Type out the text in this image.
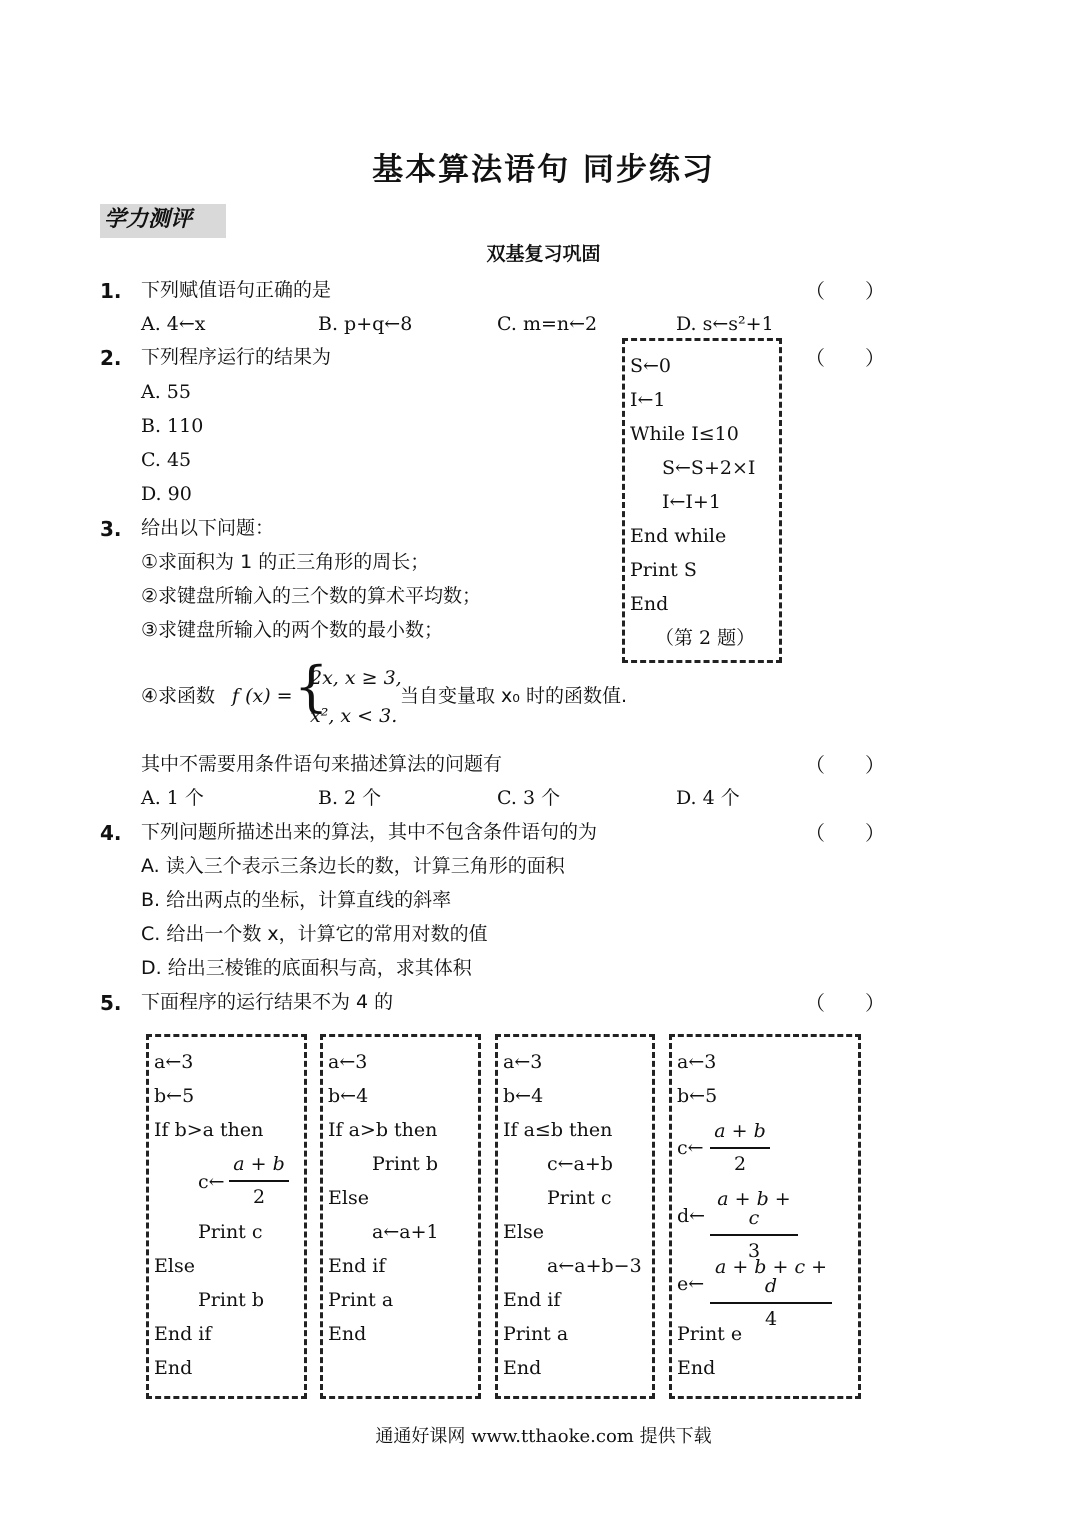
基本算法语句 同步练习
学力测评
双基复习巩固
1. 下列赋值语句正确的是	（　　）
A. 4←x	B. p+q←8	C. m=n←2	D. s←s²+1
2. 下列程序运行的结果为	（　　）
A. 55
B. 110
C. 45
D. 90
S←0
I←1
While I≤10
S←S+2×I
I←I+1
End while
Print S
End
（第 2 题）
3. 给出以下问题：
①求面积为 1 的正三角形的周长；
②求键盘所输入的三个数的算术平均数；
③求键盘所输入的两个数的最小数；
④求函数 f (x) = {
2x, x ≥ 3,
x², x < 3.
当自变量取 x₀ 时的函数值.
其中不需要用条件语句来描述算法的问题有	（　　）
A. 1 个	B. 2 个	C. 3 个	D. 4 个
4. 下列问题所描述出来的算法，其中不包含条件语句的为	（　　）
A. 读入三个表示三条边长的数，计算三角形的面积
B. 给出两点的坐标，计算直线的斜率
C. 给出一个数 x，计算它的常用对数的值
D. 给出三棱锥的底面积与高，求其体积
5. 下面程序的运行结果不为 4 的	（　　）
a←3
b←5
If b>a then
c← $\frac{a + b}{2}$
Print c
Else
Print b
End if
End
a←3
b←4
If a>b then
Print b
Else
a←a+1
End if
Print a
End
a←3
b←4
If a≤b then
c←a+b
Print c
Else
a←a+b−3
End if
Print a
End
a←3
b←5
c← $\frac{a + b}{2}$
d← $\frac{a + b + c}{3}$
e← $\frac{a + b + c + d}{4}$
Print e
End
通通好课网 www.tthaoke.com 提供下载
